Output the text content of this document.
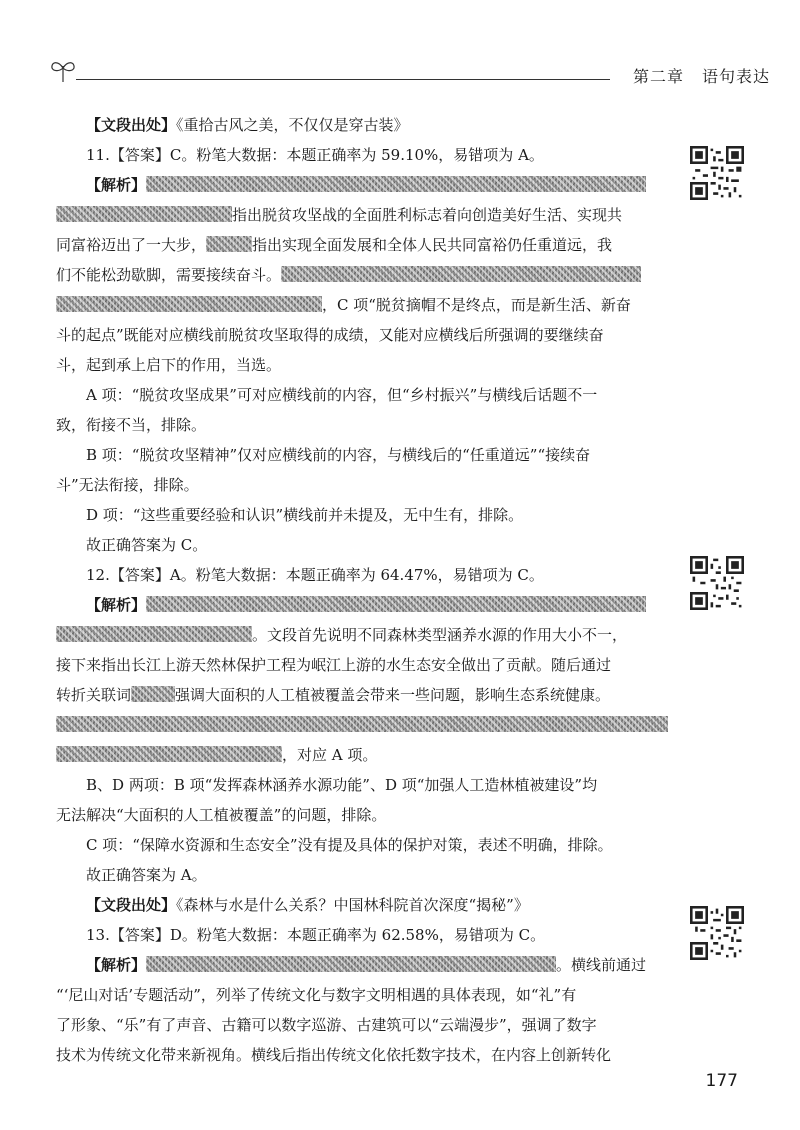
第二章 语句表达
【文段出处】《重拾古风之美，不仅仅是穿古装》
11.【答案】C。粉笔大数据：本题正确率为 59.10%，易错项为 A。
【解析】
指出脱贫攻坚战的全面胜利标志着向创造美好生活、实现共
同富裕迈出了一大步，	指出实现全面发展和全体人民共同富裕仍任重道远，我
们不能松劲歇脚，需要接续奋斗。
，C 项“脱贫摘帽不是终点，而是新生活、新奋
斗的起点”既能对应横线前脱贫攻坚取得的成绩，又能对应横线后所强调的要继续奋
斗，起到承上启下的作用，当选。
A 项：“脱贫攻坚成果”可对应横线前的内容，但“乡村振兴”与横线后话题不一
致，衔接不当，排除。
B 项：“脱贫攻坚精神”仅对应横线前的内容，与横线后的“任重道远”“接续奋
斗”无法衔接，排除。
D 项：“这些重要经验和认识”横线前并未提及，无中生有，排除。
故正确答案为 C。
12.【答案】A。粉笔大数据：本题正确率为 64.47%，易错项为 C。
【解析】
。文段首先说明不同森林类型涵养水源的作用大小不一，
接下来指出长江上游天然林保护工程为岷江上游的水生态安全做出了贡献。随后通过
转折关联词	强调大面积的人工植被覆盖会带来一些问题，影响生态系统健康。
，对应 A 项。
B、D 两项：B 项“发挥森林涵养水源功能”、D 项“加强人工造林植被建设”均
无法解决“大面积的人工植被覆盖”的问题，排除。
C 项：“保障水资源和生态安全”没有提及具体的保护对策，表述不明确，排除。
故正确答案为 A。
【文段出处】《森林与水是什么关系？中国林科院首次深度“揭秘”》
13.【答案】D。粉笔大数据：本题正确率为 62.58%，易错项为 C。
【解析】	。横线前通过
“‘尼山对话’专题活动”，列举了传统文化与数字文明相遇的具体表现，如“礼”有
了形象、“乐”有了声音、古籍可以数字巡游、古建筑可以“云端漫步”，强调了数字
技术为传统文化带来新视角。横线后指出传统文化依托数字技术，在内容上创新转化
177
